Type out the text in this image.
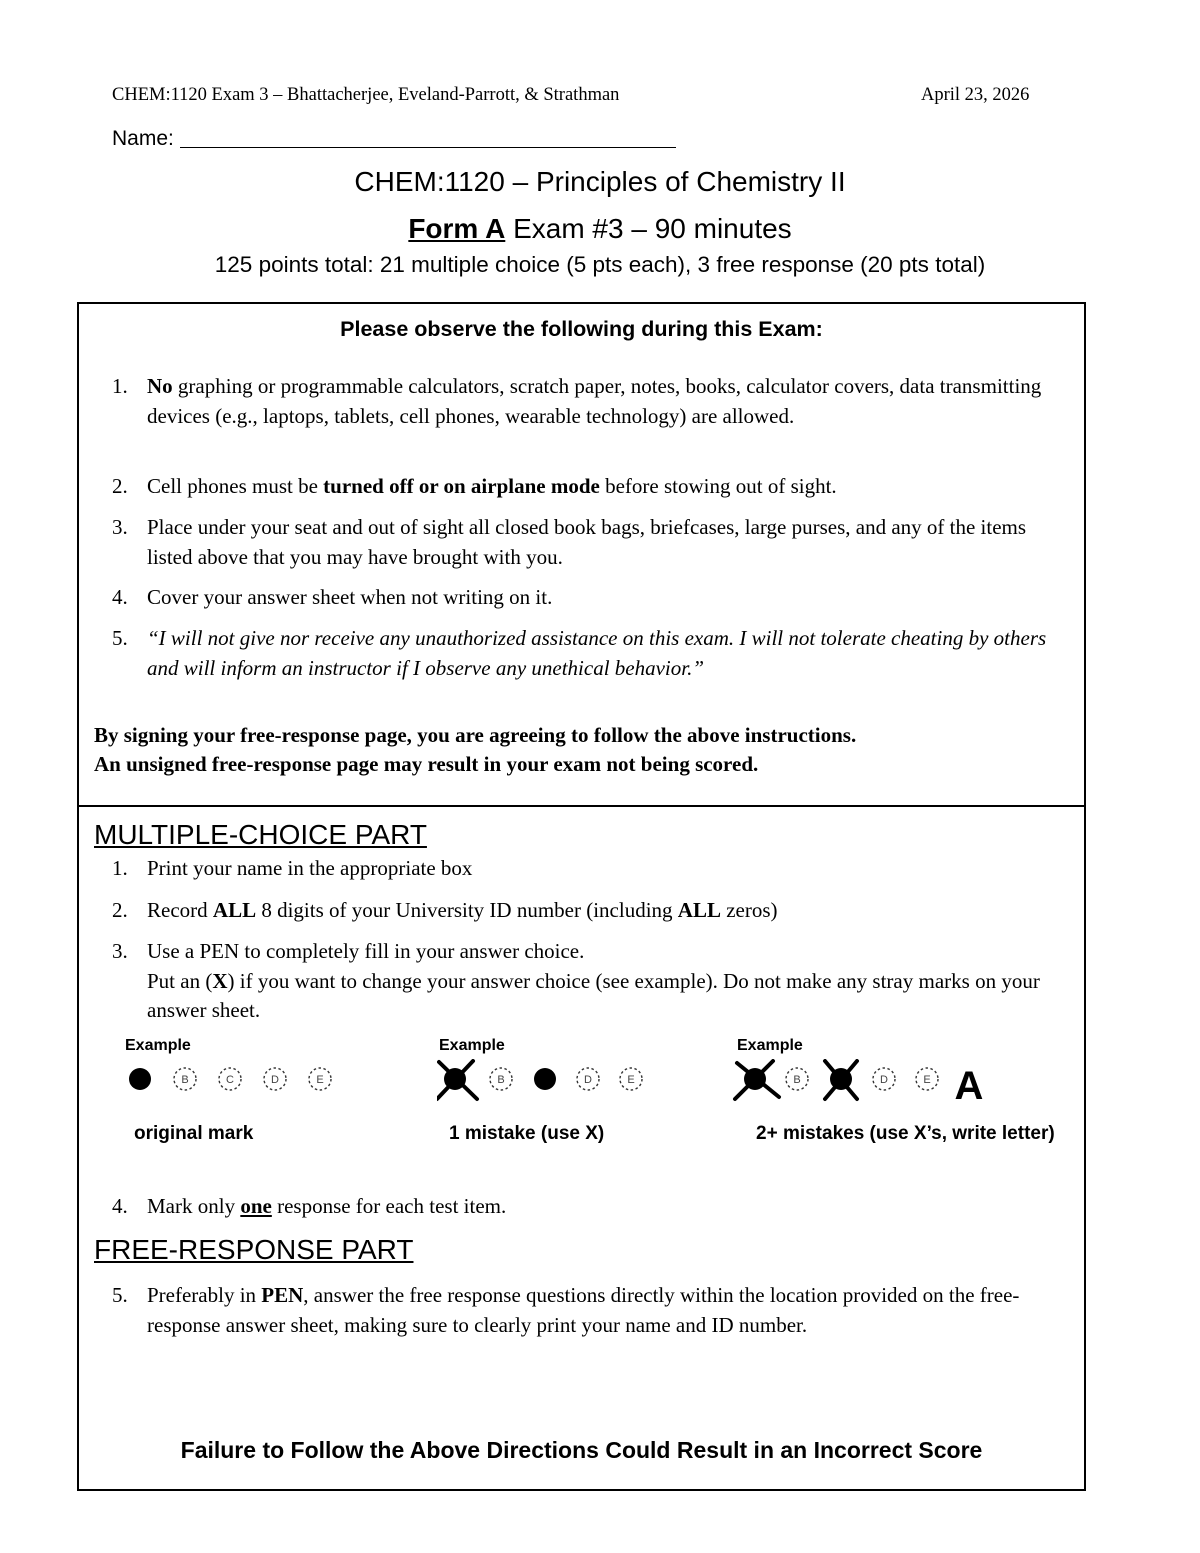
CHEM:1120 Exam 3 – Bhattacherjee, Eveland-Parrott, & Strathman	April 23, 2026
Name:
CHEM:1120 – Principles of Chemistry II
Form A Exam #3 – 90 minutes
125 points total: 21 multiple choice (5 pts each), 3 free response (20 pts total)
Please observe the following during this Exam:
1. No graphing or programmable calculators, scratch paper, notes, books, calculator covers, data transmitting devices (e.g., laptops, tablets, cell phones, wearable technology) are allowed.
2. Cell phones must be turned off or on airplane mode before stowing out of sight.
3. Place under your seat and out of sight all closed book bags, briefcases, large purses, and any of the items listed above that you may have brought with you.
4. Cover your answer sheet when not writing on it.
5. “I will not give nor receive any unauthorized assistance on this exam. I will not tolerate cheating by others and will inform an instructor if I observe any unethical behavior.”
By signing your free-response page, you are agreeing to follow the above instructions.
An unsigned free-response page may result in your exam not being scored.
MULTIPLE-CHOICE PART
1. Print your name in the appropriate box
2. Record ALL 8 digits of your University ID number (including ALL zeros)
3. Use a PEN to completely fill in your answer choice.
Put an (X) if you want to change your answer choice (see example). Do not make any stray marks on your answer sheet.
Example
B	C	D	E
original mark
Example
B	D	E
1 mistake (use X)
Example
B	D	E A
2+ mistakes (use X’s, write letter)
4. Mark only one response for each test item.
FREE-RESPONSE PART
5. Preferably in PEN, answer the free response questions directly within the location provided on the free-response answer sheet, making sure to clearly print your name and ID number.
Failure to Follow the Above Directions Could Result in an Incorrect Score
